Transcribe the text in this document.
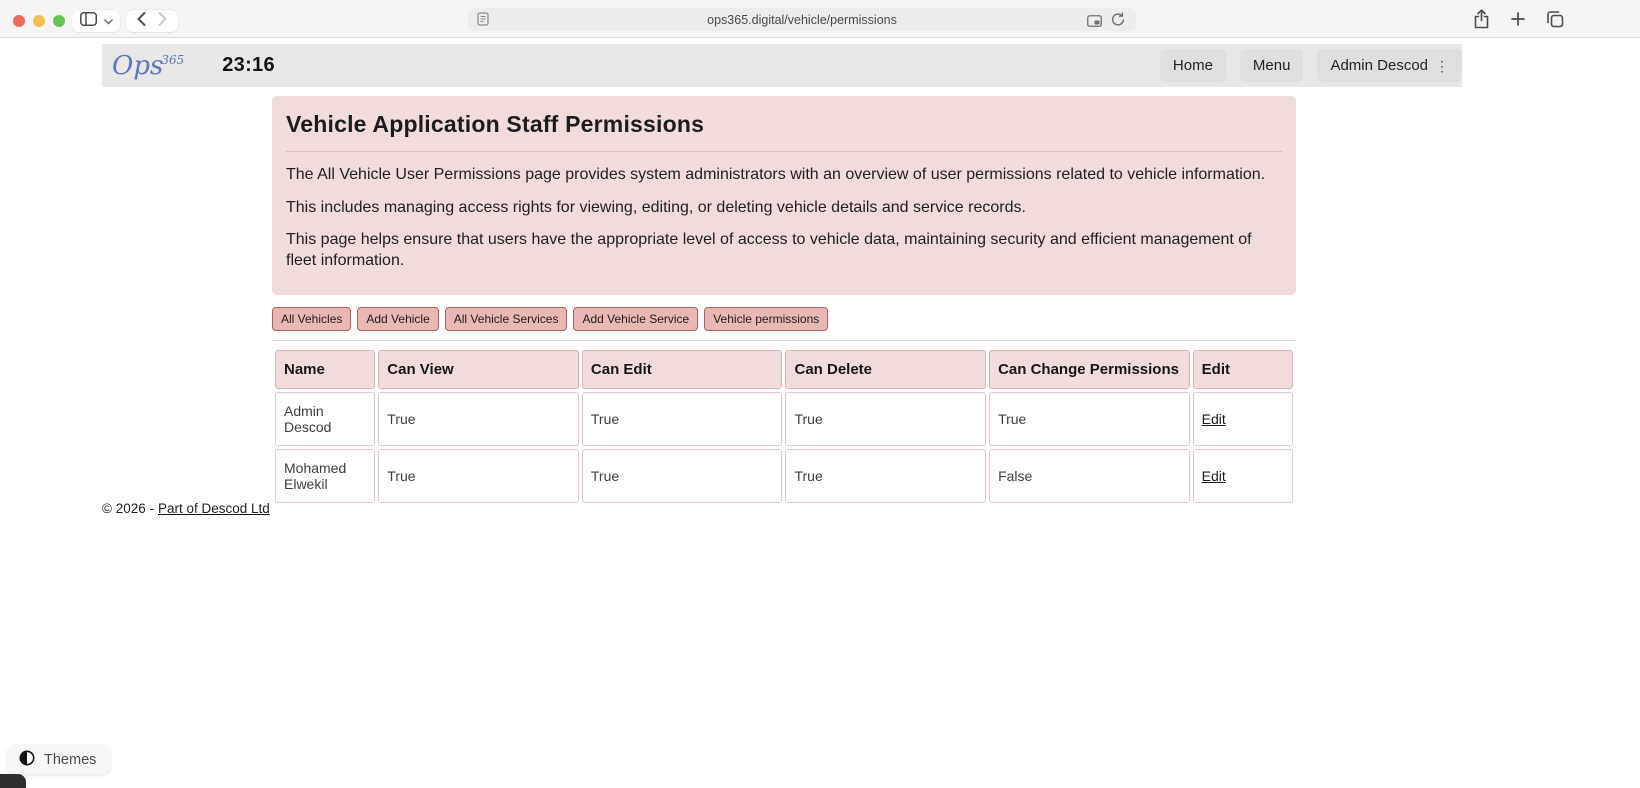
ops365.digital/vehicle/permissions
Ops$^{365}$ 23:16	Home	Menu	Admin Descod ⋮
Vehicle Application Staff Permissions

The All Vehicle User Permissions page provides system administrators with an overview of user permissions related to vehicle information.

This includes managing access rights for viewing, editing, or deleting vehicle details and service records.

This page helps ensure that users have the appropriate level of access to vehicle data, maintaining security and efficient management of fleet information.

All Vehicles	Add Vehicle	All Vehicle Services	Add Vehicle Service	Vehicle permissions
Name	Can View	Can Edit	Can Delete	Can Change Permissions	Edit
Admin Descod	True	True	True	True	Edit
Mohamed Elwekil	True	True	True	False	Edit
© 2026 - Part of Descod Ltd
Themes
